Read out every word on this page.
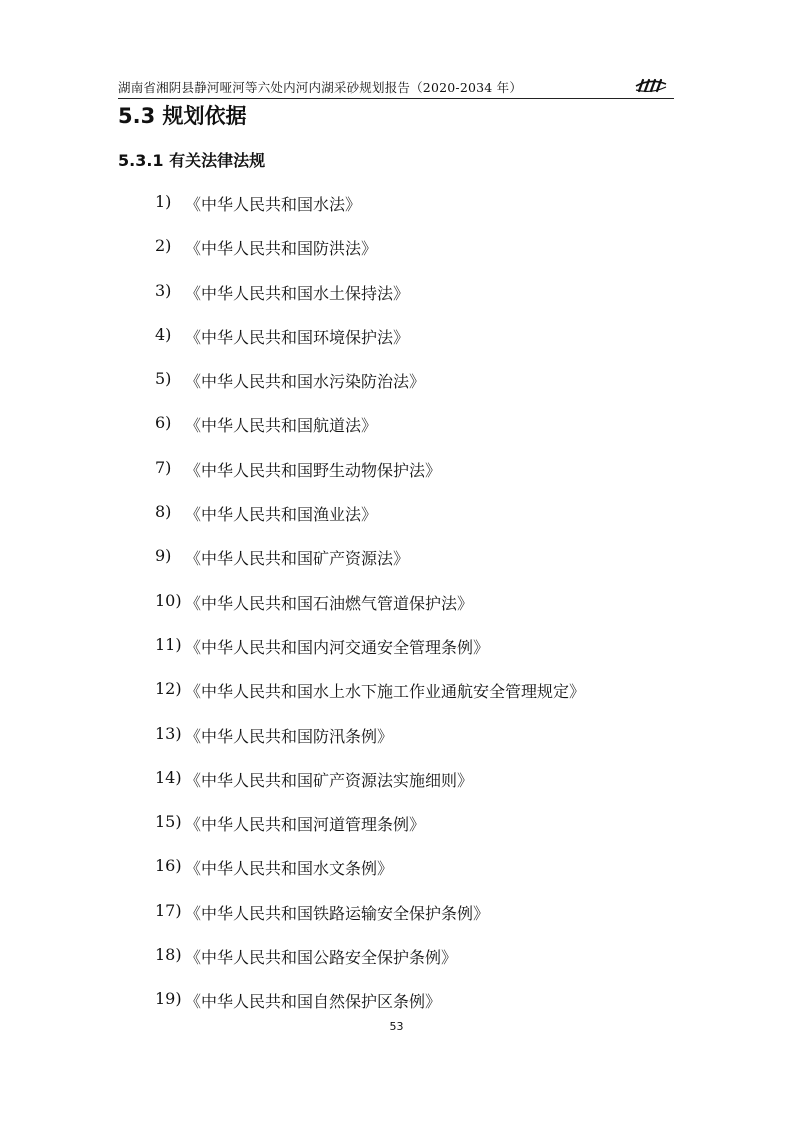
湖南省湘阴县静河哑河等六处内河内湖采砂规划报告（2020-2034 年）
5.3 规划依据
5.3.1 有关法律法规
1) 《中华人民共和国水法》
2) 《中华人民共和国防洪法》
3) 《中华人民共和国水土保持法》
4) 《中华人民共和国环境保护法》
5) 《中华人民共和国水污染防治法》
6) 《中华人民共和国航道法》
7) 《中华人民共和国野生动物保护法》
8) 《中华人民共和国渔业法》
9) 《中华人民共和国矿产资源法》
10) 《中华人民共和国石油燃气管道保护法》
11) 《中华人民共和国内河交通安全管理条例》
12) 《中华人民共和国水上水下施工作业通航安全管理规定》
13) 《中华人民共和国防汛条例》
14) 《中华人民共和国矿产资源法实施细则》
15) 《中华人民共和国河道管理条例》
16) 《中华人民共和国水文条例》
17) 《中华人民共和国铁路运输安全保护条例》
18) 《中华人民共和国公路安全保护条例》
19) 《中华人民共和国自然保护区条例》
53
